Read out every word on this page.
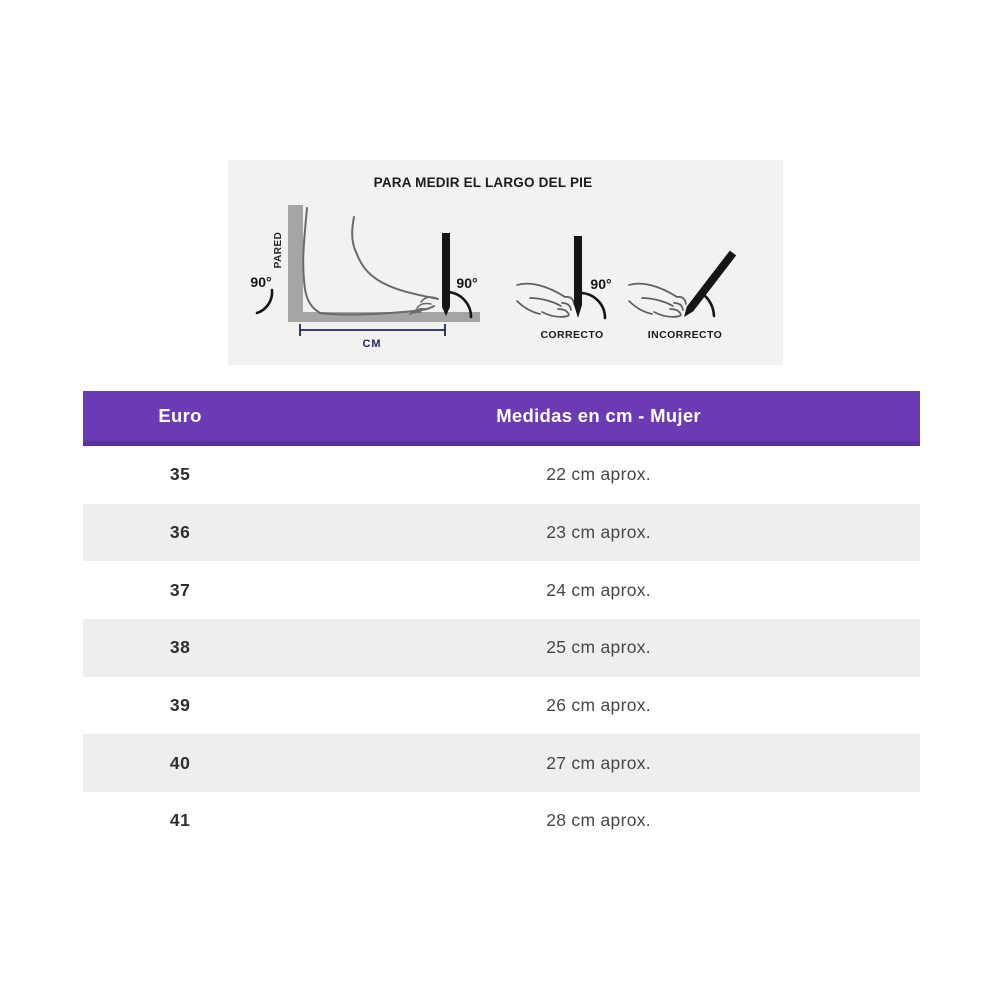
PARA MEDIR EL LARGO DEL PIE
PARED
90°	90°
CM
90°
CORRECTO	INCORRECTO
Euro	Medidas en cm - Mujer
35	22 cm aprox.
36	23 cm aprox.
37	24 cm aprox.
38	25 cm aprox.
39	26 cm aprox.
40	27 cm aprox.
41	28 cm aprox.
